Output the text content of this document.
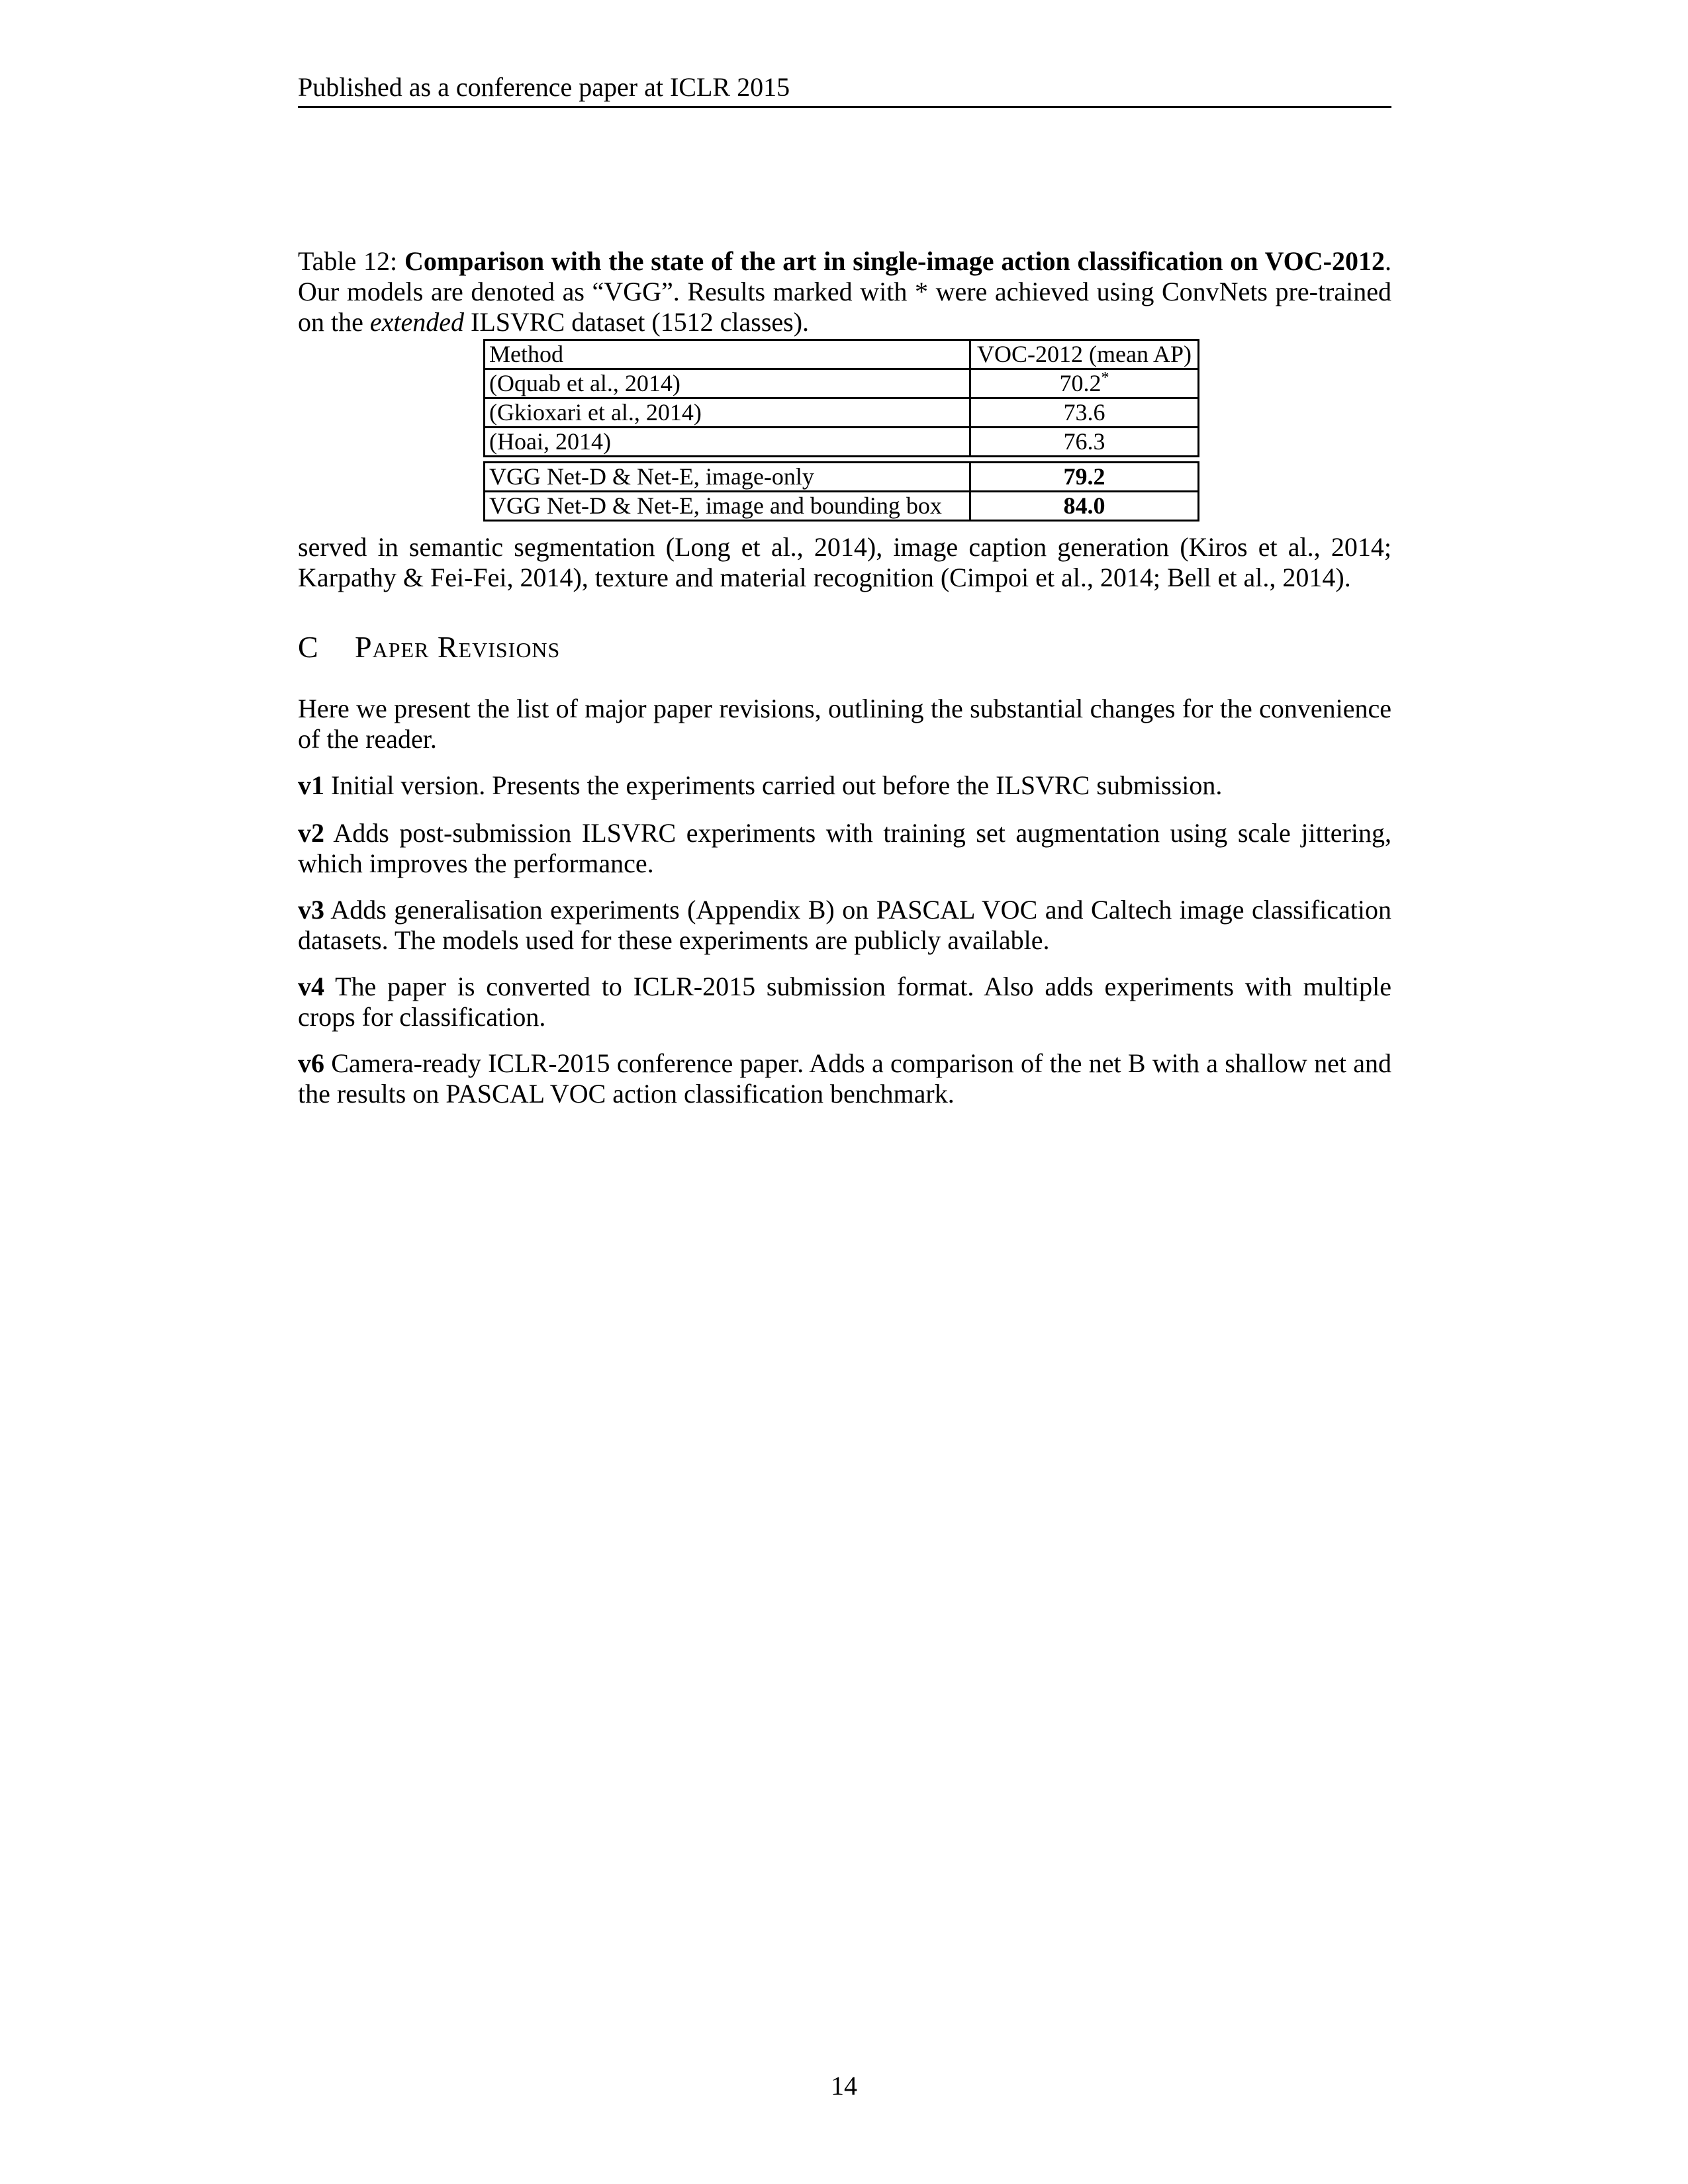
Published as a conference paper at ICLR 2015

Table 12: Comparison with the state of the art in single-image action classification on VOC-2012. Our models are denoted as “VGG”. Results marked with * were achieved using ConvNets pre-trained on the extended ILSVRC dataset (1512 classes).

Method	VOC-2012 (mean AP)
(Oquab et al., 2014)	70.2*
(Gkioxari et al., 2014)	73.6
(Hoai, 2014)	76.3

VGG Net-D & Net-E, image-only	79.2
VGG Net-D & Net-E, image and bounding box	84.0

served in semantic segmentation (Long et al., 2014), image caption generation (Kiros et al., 2014; Karpathy & Fei-Fei, 2014), texture and material recognition (Cimpoi et al., 2014; Bell et al., 2014).

C Paper Revisions

Here we present the list of major paper revisions, outlining the substantial changes for the convenience of the reader.

v1 Initial version. Presents the experiments carried out before the ILSVRC submission.

v2 Adds post-submission ILSVRC experiments with training set augmentation using scale jittering, which improves the performance.

v3 Adds generalisation experiments (Appendix B) on PASCAL VOC and Caltech image classification datasets. The models used for these experiments are publicly available.

v4 The paper is converted to ICLR-2015 submission format. Also adds experiments with multiple crops for classification.

v6 Camera-ready ICLR-2015 conference paper. Adds a comparison of the net B with a shallow net and the results on PASCAL VOC action classification benchmark.

14
